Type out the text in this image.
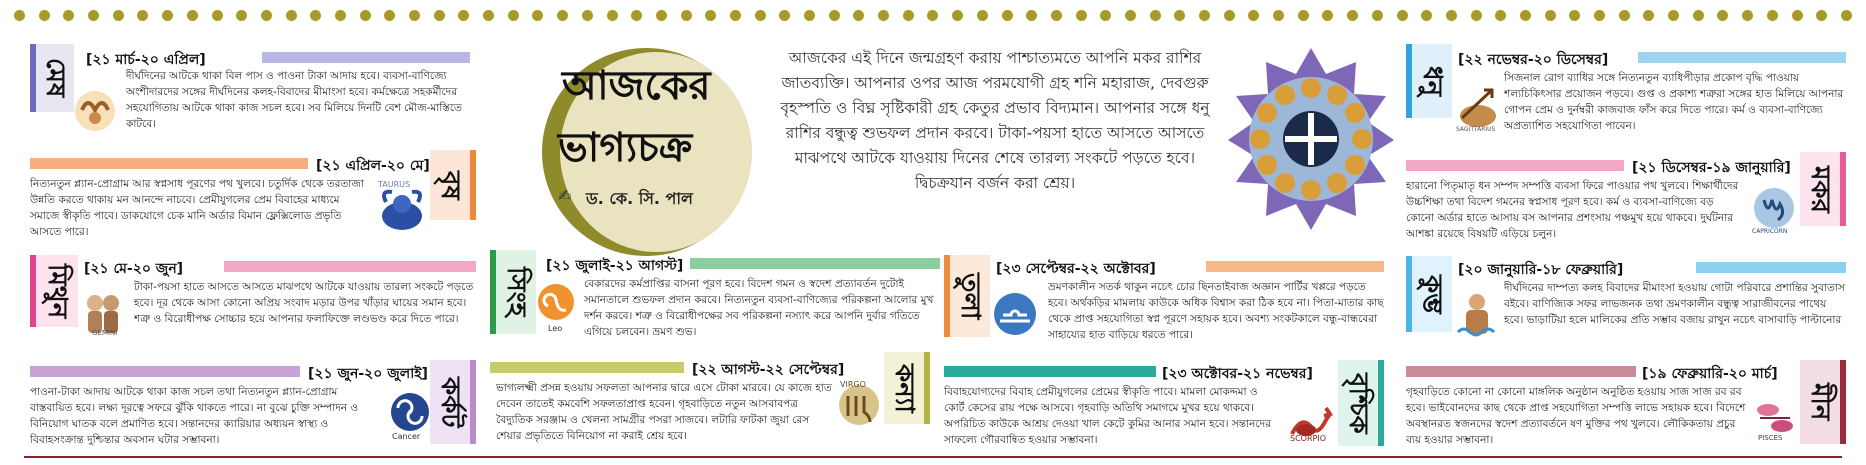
মেষ	[২১ মার্চ-২০ এপ্রিল]
দীর্ঘদিনের আটকে থাকা বিল পাস ও পাওনা টাকা আদায় হবে। ব্যবসা-বাণিজ্যে অংশীদারদের সঙ্গের দীর্ঘদিনের কলহ-বিবাদের মীমাংসা হবে। কর্মক্ষেত্রে সহকর্মীদের সহযোগিতায় আটকে থাকা কাজ সচল হবে। সব মিলিয়ে দিনটি বেশ মৌজ-মাস্তিতে কাটবে।
বৃষ
[২১ এপ্রিল-২০ মে]
নিত্যনতুন প্ল্যান-প্রোগ্রাম আর স্বপ্নসাধ পূরণের পথ খুলবে। চতুর্দিক থেকে তরতাজা উন্নতি করতে থাকায় মন আনন্দে নাচবে। প্রেমীযুগলের প্রেম বিবাহের মাধ্যমে সমাজে স্বীকৃতি পাবে। ডাকযোগে চেক মানি অর্ডার বিমান ফ্লেক্সিলোড প্রভৃতি আসতে পারে।
TAURUS
মিথুন [২১ মে-২০ জুন]
GEMINI
টাকা-পয়সা হাতে আসতে আসতে মাঝপথে আটকে যাওয়ায় তারল্য সংকটে পড়তে হবে। দূর থেকে আসা কোনো অপ্রিয় সংবাদ মড়ার উপর খাঁড়ার ঘায়ের সমান হবে। শত্রু ও বিরোধীপক্ষ সোচ্চার হয়ে আপনার ফলাফিক্তে লণ্ডভণ্ড করে দিতে পারে।
কর্কট
[২১ জুন-২০ জুলাই]
পাওনা-টাকা আদায় আটকে থাকা কাজ সচল তথা নিত্যনতুন প্ল্যান-প্রোগ্রাম বাস্তবায়িত হবে। লক্ষ্য দূরত্বে সফরে ঝুঁকি থাকতে পারে। না বুঝে চুক্তি সম্পাদন ও বিনিয়োগ ঘাতক বলে প্রমাণিত হবে। সন্তানদের ক্যারিয়ার অধ্যয়ন স্বাস্থ্য ও বিবাহসংক্রান্ত দুশ্চিন্তার অবসান ঘটার সম্ভাবনা।	Cancer
আজকের
ভাগ্যচক্র
✍ ড. কে. সি. পাল
আজকের এই দিনে জন্মগ্রহণ করায় পাশ্চাত্যমতে আপনি মকর রাশির জাতব্যক্তি। আপনার ওপর আজ পরমযোগী গ্রহ শনি মহারাজ, দেবগুরু বৃহস্পতি ও বিঘ্ন সৃষ্টিকারী গ্রহ কেতুর প্রভাব বিদ্যমান। আপনার সঙ্গে ধনু রাশির বন্ধুত্ব শুভফল প্রদান করবে। টাকা-পয়সা হাতে আসতে আসতে মাঝপথে আটকে যাওয়ায় দিনের শেষে তারল্য সংকটে পড়তে হবে। দ্বিচক্রযান বর্জন করা শ্রেয়।
সিংহ
[২১ জুলাই-২১ আগস্ট]
Leo
বেকারদের কর্মপ্রাপ্তির বাসনা পূরণ হবে। বিদেশ গমন ও স্বদেশ প্রত্যাবর্তন দুটোই সমানতালে শুভফল প্রদান করবে। নিত্যনতুন ব্যবসা-বাণিজ্যের পরিকল্পনা আলোর মুখ দর্শন করবে। শত্রু ও বিরোধীপক্ষের সব পরিকল্পনা নস্যাৎ করে আপনি দুর্বার গতিতে এগিয়ে চলবেন। ভ্রমণ শুভ।
কন্যা
[২২ আগস্ট-২২ সেপ্টেম্বর]
ভাগ্যলক্ষ্মী প্রসন্ন হওয়ায় সফলতা আপনার দ্বারে এসে টোকা মারবে। যে কাজে হাত দেবেন তাতেই কমবেশি সফলতাপ্রাপ্ত হবেন। গৃহবাড়িতে নতুন আসবাবপত্র বৈদ্যুতিক সরঞ্জাম ও খেলনা সামগ্রীর পসরা সাজবে। লটারি ফাটকা জুয়া রেস শেয়ার প্রভৃতিতে বিনিয়োগ না করাই শ্রেয় হবে।
VIRGO
তুলা
[২৩ সেপ্টেম্বর-২২ অক্টোবর]
ভ্রমণকালীন সতর্ক থাকুন নচেৎ চোর ছিনতাইবাজ অজ্ঞান পার্টির খপ্পরে পড়তে হবে। অর্থকড়ির মামলায় কাউকে অধিক বিশ্বাস করা ঠিক হবে না। পিতা-মাতার কাছ থেকে প্রাপ্ত সহযোগিতা স্বপ্ন পূরণে সহায়ক হবে। অবশ্য সংকটকালে বন্ধু-বান্ধবেরা সাহায্যের হাত বাড়িয়ে ধরতে পারে।
বৃশ্চিক
[২৩ অক্টোবর-২১ নভেম্বর]
বিবাহযোগ্যদের বিবাহ প্রেমীযুগলের প্রেমের স্বীকৃতি পাবে। মামলা মোকদ্দমা ও কোর্ট কেসের রায় পক্ষে আসবে। গৃহবাড়ি অতিথি সমাগমে মুখর হয়ে থাকবে। অপরিচিত কাউকে আশ্রয় দেওয়া খাল কেটে কুমির আনার সমান হবে। সন্তানদের সাফল্যে গৌরবান্বিত হওয়ার সম্ভাবনা।	SCORPIO
ধনু
[২২ নভেম্বর-২০ ডিসেম্বর]
SAGITTARIUS
সিজনাল রোগ ব্যাধির সঙ্গে নিত্যনতুন ব্যাধিপীড়ার প্রকোপ বৃদ্ধি পাওয়ায় শল্যচিকিৎসার প্রয়োজন পড়বে। গুপ্ত ও প্রকাশ্য শত্রুরা সঙ্গের হাত মিলিয়ে আপনার গোপন প্রেম ও দুর্নম্বরী কাজবাজ ফাঁস করে দিতে পারে। কর্ম ও ব্যবসা-বাণিজ্যে অপ্রত্যাশিত সহযোগিতা পাবেন।
মকর
[২১ ডিসেম্বর-১৯ জানুয়ারি]
হারানো পিতৃমাতৃ ধন সম্পদ সম্পত্তি ব্যবসা ফিরে পাওয়ার পথ খুলবে। শিক্ষার্থীদের উচ্চশিক্ষা তথা বিদেশ গমনের স্বপ্নসাধ পূরণ হবে। কর্ম ও ব্যবসা-বাণিজ্যে বড় কোনো অর্ডার হাতে আসায় বস আপনার প্রশংসায় পঞ্চমুখ হয়ে থাকবে। দুর্ঘটনার আশঙ্কা রয়েছে বিষয়টি এড়িয়ে চলুন।	CAPRICORN
কুম্ভ
[২০ জানুয়ারি-১৮ ফেব্রুয়ারি]
দীর্ঘদিনের দাম্পত্য কলহ বিবাদের মীমাংসা হওয়ায় গোটা পরিবারে প্রশান্তির সুবাতাস বইবে। বাণিজ্যিক সফর লাভজনক তথা ভ্রমণকালীন বন্ধুত্ব সারাজীবনের পাথেয় হবে। ভাড়াটিয়া হলে মালিকের প্রতি সম্ভাব বজায় রাখুন নচেৎ বাসাবাড়ি পাল্টানোর
মীন
[১৯ ফেব্রুয়ারি-২০ মার্চ]
গৃহবাড়িতে কোনো না কোনো মাঙ্গলিক অনুষ্ঠান অনুষ্ঠিত হওয়ায় সাজ সাজ রব রব হবে। ভাইবোনদের কাছ থেকে প্রাপ্ত সহযোগিতা সম্পত্তি লাভে সহায়ক হবে। বিদেশে অবস্থানরত স্বজনদের স্বদেশ প্রত্যাবর্তনে ষণ মুক্তির পথ খুলবে। লৌকিকতায় প্রচুর ব্যয় হওয়ার সম্ভাবনা।	PISCES
